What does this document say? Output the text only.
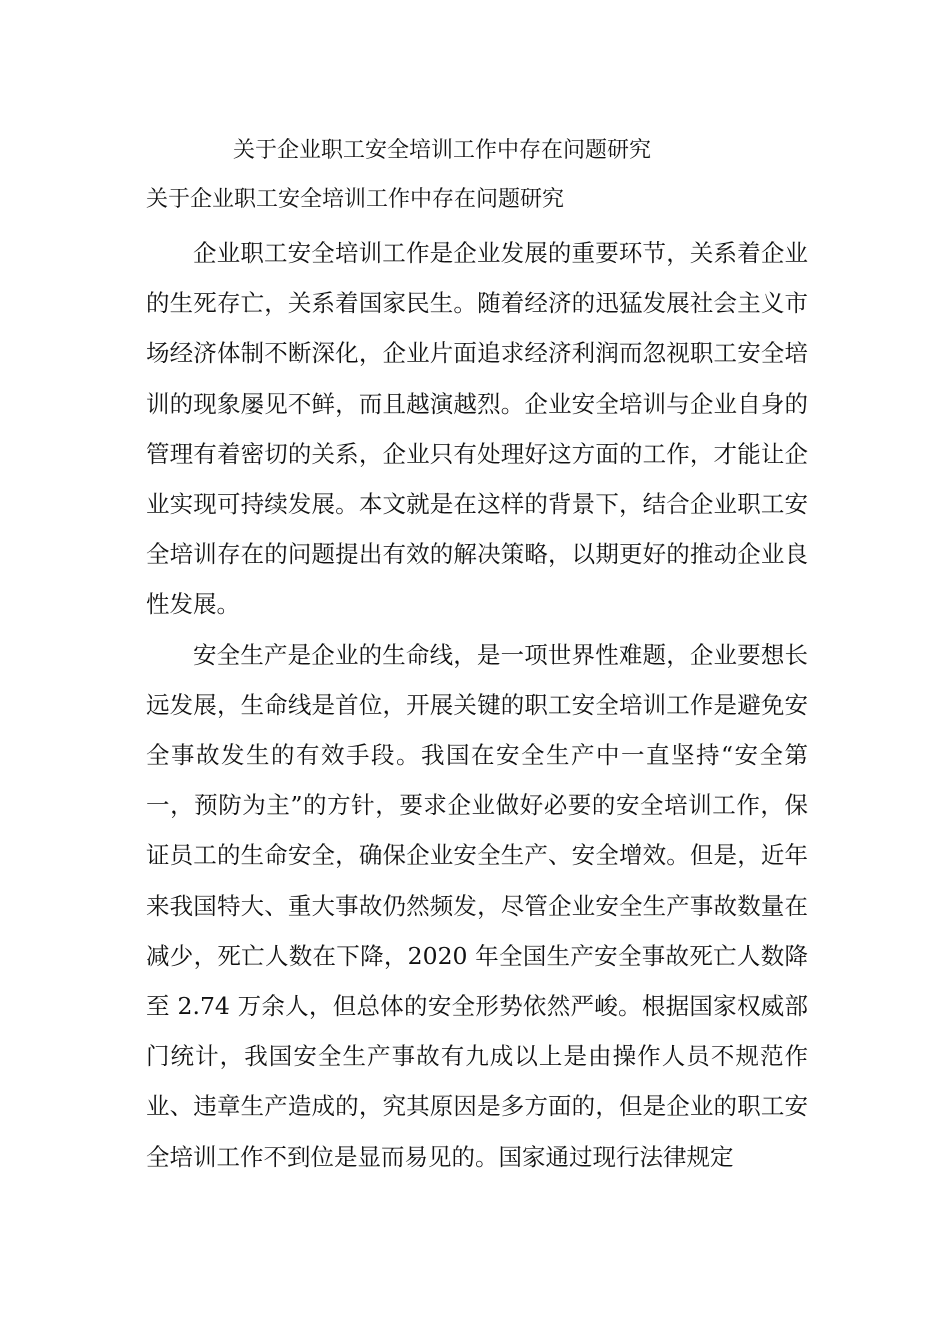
关于企业职工安全培训工作中存在问题研究
关于企业职工安全培训工作中存在问题研究

企业职工安全培训工作是企业发展的重要环节，关系着企业的生死存亡，关系着国家民生。随着经济的迅猛发展社会主义市场经济体制不断深化，企业片面追求经济利润而忽视职工安全培训的现象屡见不鲜，而且越演越烈。企业安全培训与企业自身的管理有着密切的关系，企业只有处理好这方面的工作，才能让企业实现可持续发展。本文就是在这样的背景下，结合企业职工安全培训存在的问题提出有效的解决策略，以期更好的推动企业良性发展。

安全生产是企业的生命线，是一项世界性难题，企业要想长远发展，生命线是首位，开展关键的职工安全培训工作是避免安全事故发生的有效手段。我国在安全生产中一直坚持“安全第一，预防为主”的方针，要求企业做好必要的安全培训工作，保证员工的生命安全，确保企业安全生产、安全增效。但是，近年来我国特大、重大事故仍然频发，尽管企业安全生产事故数量在减少，死亡人数在下降，2020 年全国生产安全事故死亡人数降至 2.74 万余人，但总体的安全形势依然严峻。根据国家权威部门统计，我国安全生产事故有九成以上是由操作人员不规范作业、违章生产造成的，究其原因是多方面的，但是企业的职工安全培训工作不到位是显而易见的。国家通过现行法律规定
